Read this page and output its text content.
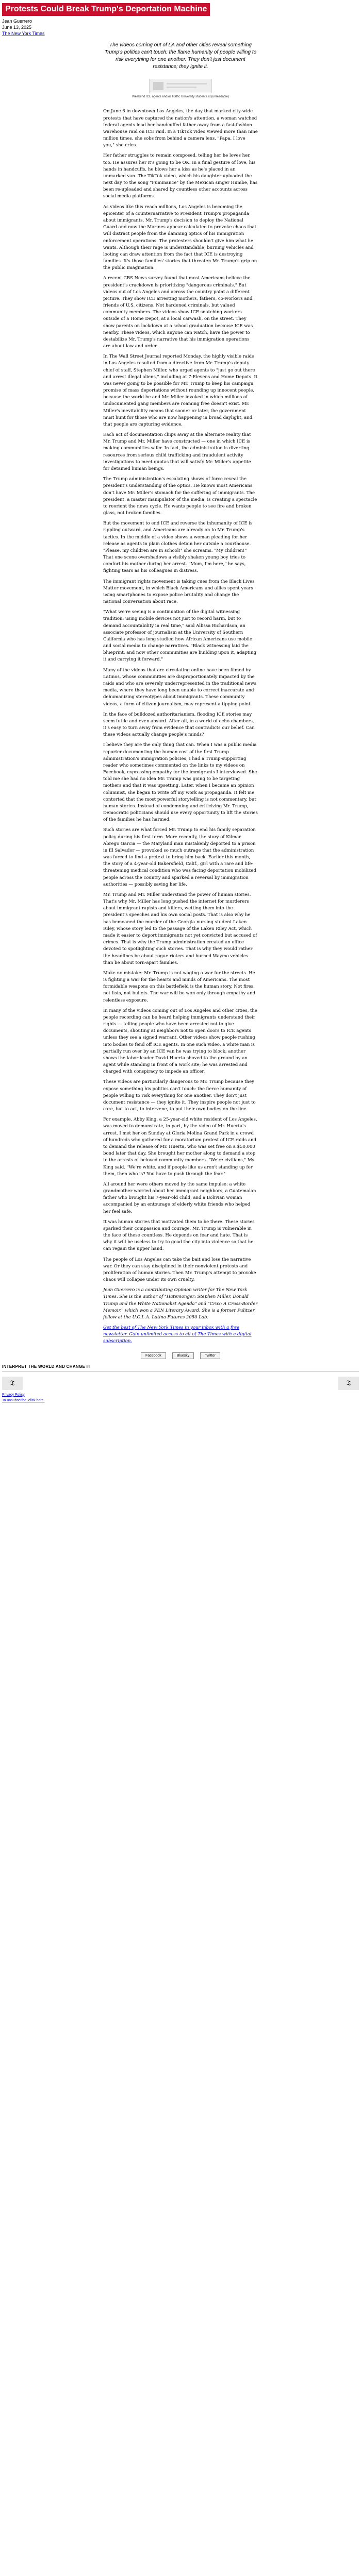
Protests Could Break Trump's Deportation Machine
Jean Guerrero
June 13, 2025
The New York Times
The videos coming out of LA and other cities reveal something Trump's politics can't touch: the flame humanity of people willing to risk everything for one another. They don't just document resistance; they ignite it.
Weekend ICE agents and/or Traffic University students at (unreadable)

On June 6 in downtown Los Angeles, the day that marked city-wide protests that have captured the nation's attention, a woman watched federal agents lead her handcuffed father away from a fast-fashion warehouse raid on ICE raid. In a TikTok video viewed more than nine million times, she sobs from behind a camera lens, "Papa, I love you," she cries.

Her father struggles to remain composed, telling her he loves her, too. He assures her it's going to be OK. In a final gesture of love, his hands in handcuffs, he blows her a kiss as he's placed in an unmarked van. The TikTok video, which his daughter uploaded the next day to the song "Fuminance" by the Mexican singer Humbe, has been re-uploaded and shared by countless other accounts across social media platforms.

As videos like this reach millions, Los Angeles is becoming the epicenter of a counternarrative to President Trump's propaganda about immigrants. Mr. Trump's decision to deploy the National Guard and now the Marines appear calculated to provoke chaos that will distract people from the damning optics of his immigration enforcement operations. The protesters shouldn't give him what he wants. Although their rage is understandable, burning vehicles and looting can draw attention from the fact that ICE is destroying families. It's those families' stories that threaten Mr. Trump's grip on the public imagination.

A recent CBS News survey found that most Americans believe the president's crackdown is prioritizing "dangerous criminals." But videos out of Los Angeles and across the country paint a different picture. They show ICE arresting mothers, fathers, co-workers and friends of U.S. citizens. Not hardened criminals, but valued community members. The videos show ICE snatching workers outside of a Home Depot, at a local carwash, on the street. They show parents on lockdown at a school graduation because ICE was nearby. These videos, which anyone can watch, have the power to destabilize Mr. Trump's narrative that his immigration operations are about law and order.

In The Wall Street Journal reported Monday, the highly visible raids in Los Angeles resulted from a directive from Mr. Trump's deputy chief of staff, Stephen Miller, who urged agents to "just go out there and arrest illegal aliens," including at 7-Elevens and Home Depots. It was never going to be possible for Mr. Trump to keep his campaign promise of mass deportations without rounding up innocent people, because the world he and Mr. Miller invoked in which millions of undocumented gang members are roaming free doesn't exist. Mr. Miller's inevitability means that sooner or later, the government must hunt for those who are now happening in broad daylight, and that people are capturing evidence.

Each act of documentation chips away at the alternate reality that Mr. Trump and Mr. Miller have constructed — one in which ICE is making communities safer. In fact, the administration is diverting resources from serious child trafficking and fraudulent activity investigations to meet quotas that will satisfy Mr. Miller's appetite for detained human beings.

The Trump administration's escalating shows of force reveal the president's understanding of the optics. He knows most Americans don't have Mr. Miller's stomach for the suffering of immigrants. The president, a master manipulator of the media, is creating a spectacle to reorient the news cycle. He wants people to see fire and broken glass, not broken families.

But the movement to end ICE and reverse the inhumanity of ICE is rippling outward, and Americans are already on to Mr. Trump's tactics. In the middle of a video shows a woman pleading for her release as agents in plain clothes detain her outside a courthouse. "Please, my children are in school!" she screams. "My children!" That one scene overshadows a visibly shaken young boy tries to comfort his mother during her arrest. "Mom, I'm here," he says, fighting tears as his colleagues in distress.

The immigrant rights movement is taking cues from the Black Lives Matter movement, in which Black Americans and allies spent years using smartphones to expose police brutality and change the national conversation about race.

"What we're seeing is a continuation of the digital witnessing tradition: using mobile devices not just to record harm, but to demand accountability in real time," said Allissa Richardson, an associate professor of journalism at the University of Southern California who has long studied how African Americans use mobile and social media to change narratives. "Black witnessing laid the blueprint, and now other communities are building upon it, adapting it and carrying it forward."

Many of the videos that are circulating online have been filmed by Latinos, whose communities are disproportionately impacted by the raids and who are severely underrepresented in the traditional news media, where they have long been unable to correct inaccurate and dehumanizing stereotypes about immigrants. These community videos, a form of citizen journalism, may represent a tipping point.

In the face of bulldozed authoritarianism, flooding ICE stories may seem futile and even absurd. After all, in a world of echo chambers, it's easy to turn away from evidence that contradicts our belief. Can these videos actually change people's minds?

I believe they are the only thing that can. When I was a public media reporter documenting the human cost of the first Trump administration's immigration policies, I had a Trump-supporting reader who sometimes commented on the links to my videos on Facebook, expressing empathy for the immigrants I interviewed. She told me she had no idea Mr. Trump was going to be targeting mothers and that it was upsetting. Later, when I became an opinion columnist, she began to write off my work as propaganda. It felt me contorted that the most powerful storytelling is not commentary, but human stories. Instead of condemning and criticizing Mr. Trump, Democratic politicians should use every opportunity to lift the stories of the families he has harmed.

Such stories are what forced Mr. Trump to end his family separation policy during his first term. More recently, the story of Kilmar Abrego Garcia — the Maryland man mistakenly deported to a prison in El Salvador — provoked so much outrage that the administration was forced to find a pretext to bring him back. Earlier this month, the story of a 4-year-old Bakersfield, Calif., girl with a rare and life-threatening medical condition who was facing deportation mobilized people across the country and sparked a reversal by immigration authorities — possibly saving her life.

Mr. Trump and Mr. Miller understand the power of human stories. That's why Mr. Miller has long pushed the internet for murderers about immigrant rapists and killers, wetting them into the president's speeches and his own social posts. That is also why he has bemoaned the murder of the Georgia nursing student Laken Riley, whose story led to the passage of the Laken Riley Act, which made it easier to deport immigrants not yet convicted but accused of crimes. That is why the Trump administration created an office devoted to spotlighting such stories. That is why they would rather the headlines be about rogue rioters and burned Waymo vehicles than be about torn-apart families.

Make no mistake: Mr. Trump is not waging a war for the streets. He is fighting a war for the hearts and minds of Americans. The most formidable weapons on this battlefield is the human story. Not fires, not fists, not bullets. The war will be won only through empathy and relentless exposure.

In many of the videos coming out of Los Angeles and other cities, the people recording can be heard helping immigrants understand their rights — telling people who have been arrested not to give documents, shouting at neighbors not to open doors to ICE agents unless they see a signed warrant. Other videos show people rushing into bodies to fend off ICE agents. In one such video, a white man is partially run over by an ICE van he was trying to block; another shows the labor leader David Huerta shoved to the ground by an agent while standing in front of a work site; he was arrested and charged with conspiracy to impede an officer.

These videos are particularly dangerous to Mr. Trump because they expose something his politics can't touch: the fierce humanity of people willing to risk everything for one another. They don't just document resistance — they ignite it. They inspire people not just to care, but to act, to intervene, to put their own bodies on the line.

For example, Abby King, a 25-year-old white resident of Los Angeles, was moved to demonstrate, in part, by the video of Mr. Huerta's arrest. I met her on Sunday at Gloria Molina Grand Park in a crowd of hundreds who gathered for a moratorium protest of ICE raids and to demand the release of Mr. Huerta, who was set free on a $50,000 bond later that day. She brought her mother along to demand a stop to the arrests of beloved community members. "We're civilians," Ms. King said. "We're white, and if people like us aren't standing up for them, then who is? You have to push through the fear."

All around her were others moved by the same impulse: a white grandmother worried about her immigrant neighbors, a Guatemalan father who brought his 7-year-old child, and a Bolivian woman accompanied by an entourage of elderly white friends who helped her feel safe.

It was human stories that motivated them to be there. These stories sparked their compassion and courage. Mr. Trump is vulnerable in the face of these countless. He depends on fear and hate. That is why it will be useless to try to goad the city into violence so that he can regain the upper hand.

The people of Los Angeles can take the bait and lose the narrative war. Or they can stay disciplined in their nonviolent protests and proliferation of human stories. Then Mr. Trump's attempt to provoke chaos will collapse under its own cruelty.

Jean Guerrero is a contributing Opinion writer for The New York Times. She is the author of "Hatemonger: Stephen Miller, Donald Trump and the White Nationalist Agenda" and "Crux: A Cross-Border Memoir," which won a PEN Literary Award. She is a former Pulitzer fellow at the U.C.L.A. Latina Futures 2050 Lab.

Get the best of The New York Times in your inbox with a free newsletter. Gain unlimited access to all of The Times with a digital subscription.

Facebook	Bluesky	Twitter
INTERPRET THE WORLD AND CHANGE IT
𝔗	𝔗
Privacy Policy
To unsubscribe, click here.
